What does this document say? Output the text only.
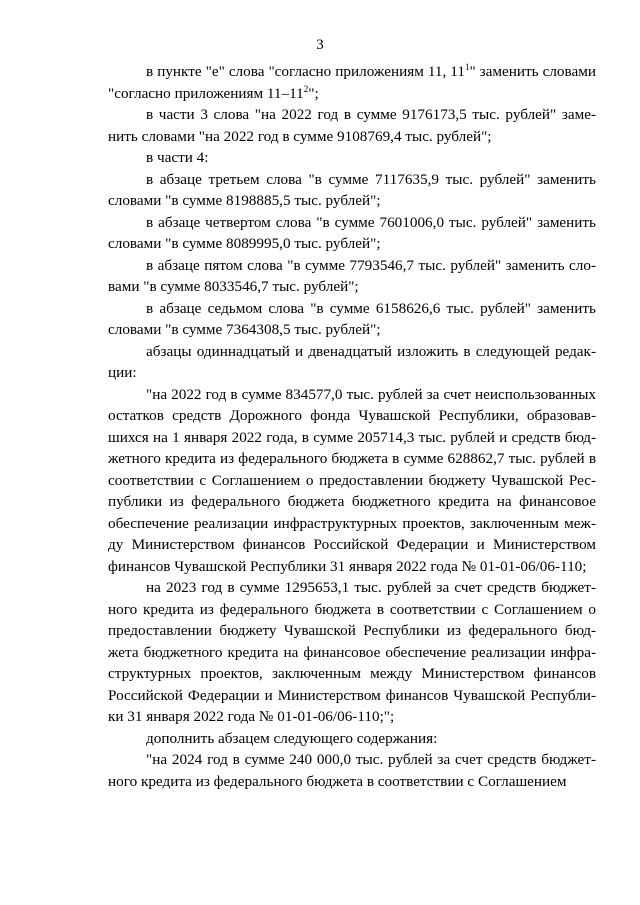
3

в пункте "е" слова "согласно приложениям 11, $11^1$" заменить словами "согласно приложениям $11-11^2$";

в части 3 слова "на 2022 год в сумме 9176173,5 тыс. рублей" заменить словами "на 2022 год в сумме 9108769,4 тыс. рублей";

в части 4:

в абзаце третьем слова "в сумме 7117635,9 тыс. рублей" заменить словами "в сумме 8198885,5 тыс. рублей";

в абзаце четвертом слова "в сумме 7601006,0 тыс. рублей" заменить словами "в сумме 8089995,0 тыс. рублей";

в абзаце пятом слова "в сумме 7793546,7 тыс. рублей" заменить словами "в сумме 8033546,7 тыс. рублей";

в абзаце седьмом слова "в сумме 6158626,6 тыс. рублей" заменить словами "в сумме 7364308,5 тыс. рублей";

абзацы одиннадцатый и двенадцатый изложить в следующей редакции:

"на 2022 год в сумме 834577,0 тыс. рублей за счет неиспользованных остатков средств Дорожного фонда Чувашской Республики, образовавшихся на 1 января 2022 года, в сумме 205714,3 тыс. рублей и средств бюджетного кредита из федерального бюджета в сумме 628862,7 тыс. рублей в соответствии с Соглашением о предоставлении бюджету Чувашской Республики из федерального бюджета бюджетного кредита на финансовое обеспечение реализации инфраструктурных проектов, заключенным между Министерством финансов Российской Федерации и Министерством финансов Чувашской Республики 31 января 2022 года № 01-01-06/06-110;

на 2023 год в сумме 1295653,1 тыс. рублей за счет средств бюджетного кредита из федерального бюджета в соответствии с Соглашением о предоставлении бюджету Чувашской Республики из федерального бюджета бюджетного кредита на финансовое обеспечение реализации инфраструктурных проектов, заключенным между Министерством финансов Российской Федерации и Министерством финансов Чувашской Республики 31 января 2022 года № 01-01-06/06-110;";

дополнить абзацем следующего содержания:

"на 2024 год в сумме 240 000,0 тыс. рублей за счет средств бюджетного кредита из федерального бюджета в соответствии с Соглашением
